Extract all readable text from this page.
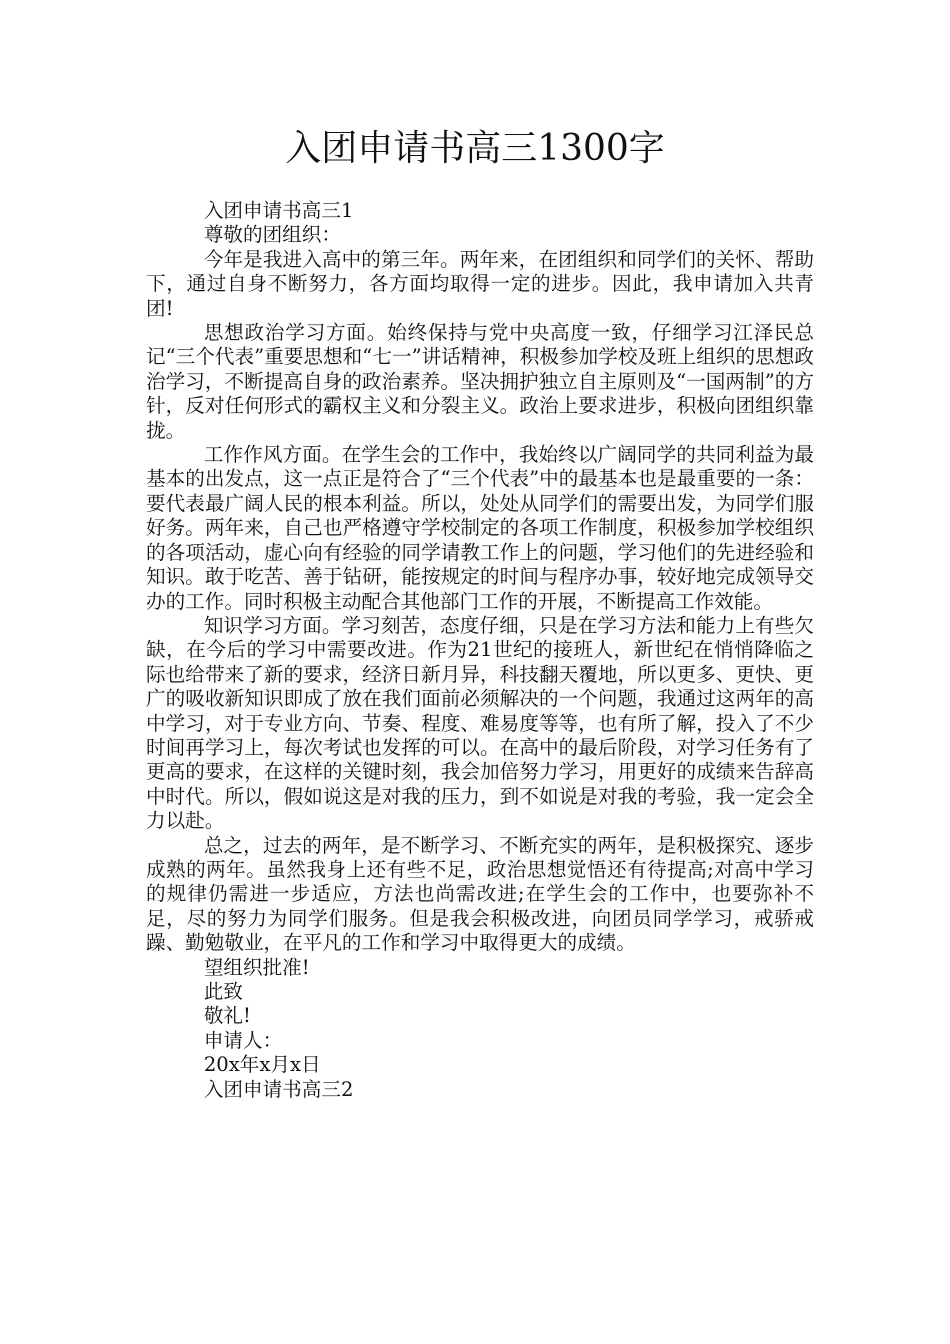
入团申请书高三1300字

入团申请书高三1

尊敬的团组织：

今年是我进入高中的第三年。两年来，在团组织和同学们的关怀、帮助下，通过自身不断努力，各方面均取得一定的进步。因此，我申请加入共青团!

思想政治学习方面。始终保持与党中央高度一致，仔细学习江泽民总记“三个代表”重要思想和“七一”讲话精神，积极参加学校及班上组织的思想政治学习，不断提高自身的政治素养。坚决拥护独立自主原则及“一国两制”的方针，反对任何形式的霸权主义和分裂主义。政治上要求进步，积极向团组织靠拢。

工作作风方面。在学生会的工作中，我始终以广阔同学的共同利益为最基本的出发点，这一点正是符合了“三个代表”中的最基本也是最重要的一条：要代表最广阔人民的根本利益。所以，处处从同学们的需要出发，为同学们服好务。两年来，自己也严格遵守学校制定的各项工作制度，积极参加学校组织的各项活动，虚心向有经验的同学请教工作上的问题，学习他们的先进经验和知识。敢于吃苦、善于钻研，能按规定的时间与程序办事，较好地完成领导交办的工作。同时积极主动配合其他部门工作的开展，不断提高工作效能。

知识学习方面。学习刻苦，态度仔细，只是在学习方法和能力上有些欠缺，在今后的学习中需要改进。作为21世纪的接班人，新世纪在悄悄降临之际也给带来了新的要求，经济日新月异，科技翻天覆地，所以更多、更快、更广的吸收新知识即成了放在我们面前必须解决的一个问题，我通过这两年的高中学习，对于专业方向、节奏、程度、难易度等等，也有所了解，投入了不少时间再学习上，每次考试也发挥的可以。在高中的最后阶段，对学习任务有了更高的要求，在这样的关键时刻，我会加倍努力学习，用更好的成绩来告辞高中时代。所以，假如说这是对我的压力，到不如说是对我的考验，我一定会全力以赴。

总之，过去的两年，是不断学习、不断充实的两年，是积极探究、逐步成熟的两年。虽然我身上还有些不足，政治思想觉悟还有待提高;对高中学习的规律仍需进一步适应，方法也尚需改进;在学生会的工作中，也要弥补不足，尽的努力为同学们服务。但是我会积极改进，向团员同学学习，戒骄戒躁、勤勉敬业，在平凡的工作和学习中取得更大的成绩。

望组织批准!

此致

敬礼!

申请人：

20x年x月x日

入团申请书高三2
